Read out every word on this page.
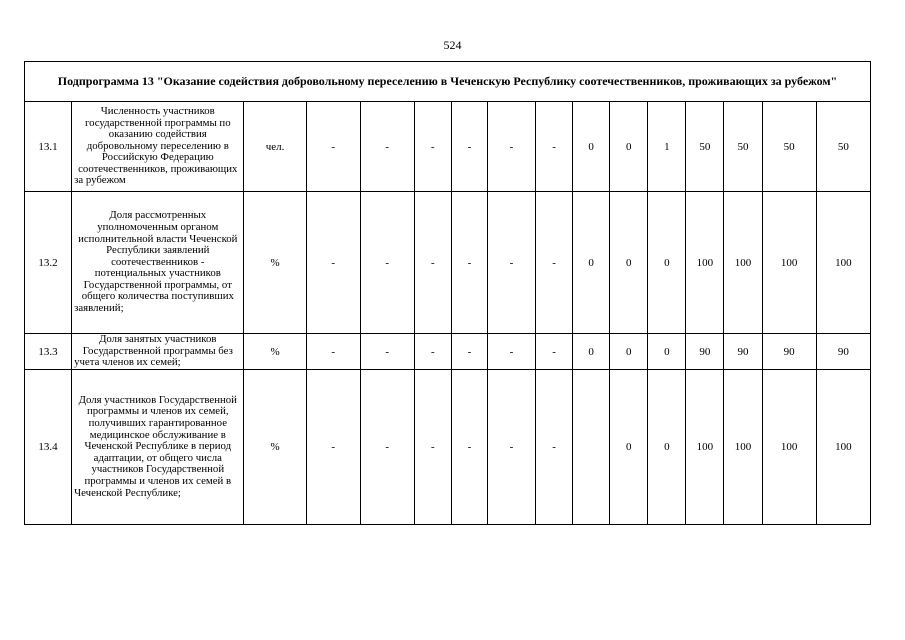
524
Подпрограмма 13 "Оказание содействия добровольному переселению в Чеченскую Республику соотечественников, проживающих за рубежом"															
13.1	Численность участников государственной программы по оказанию содействия добровольному переселению в Российскую Федерацию соотечественников, проживающих за рубежом	чел.	-	-	-	-	-	-	0	0	1	50	50	50	50
13.2	Доля рассмотренных уполномоченным органом исполнительной власти Чеченской Республики заявлений соотечественников - потенциальных участников Государственной программы, от общего количества поступивших заявлений;	%	-	-	-	-	-	-	0	0	0	100	100	100	100
13.3	Доля занятых участников Государственной программы без учета членов их семей;	%	-	-	-	-	-	-	0	0	0	90	90	90	90
13.4	Доля участников Государственной программы и членов их семей, получивших гарантированное медицинское обслуживание в Чеченской Республике в период адаптации, от общего числа участников Государственной программы и членов их семей в Чеченской Республике;	%	-	-	-	-	-	-		0	0	100	100	100	100
